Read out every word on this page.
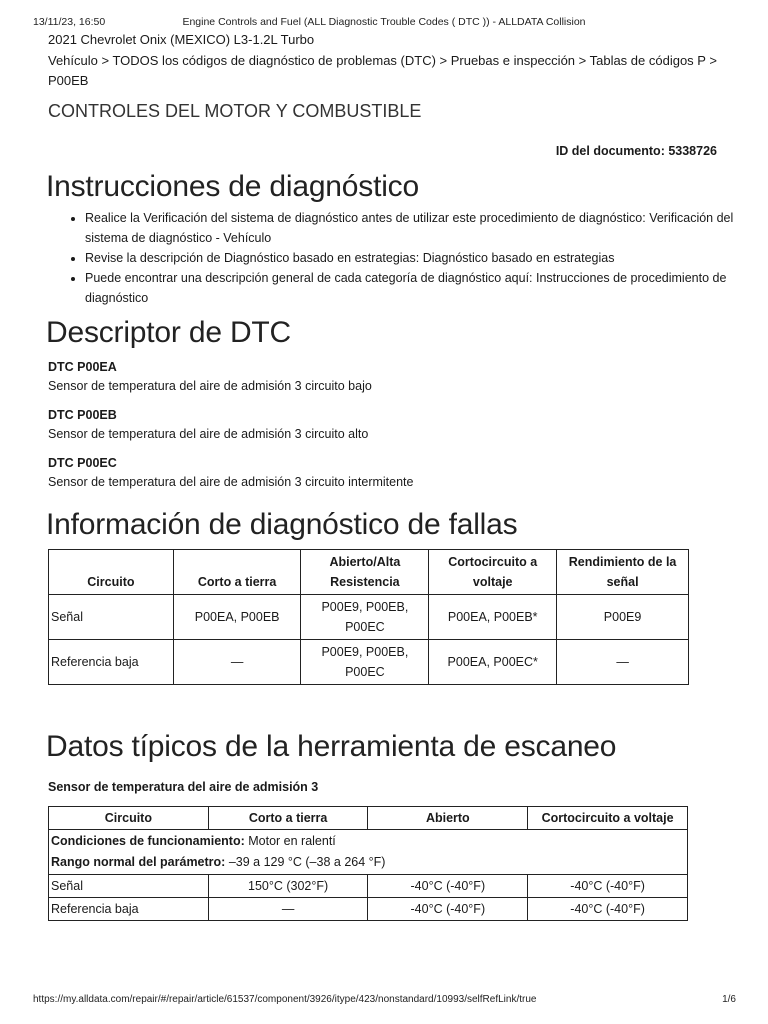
13/11/23, 16:50	Engine Controls and Fuel (ALL Diagnostic Trouble Codes ( DTC )) - ALLDATA Collision
2021 Chevrolet Onix (MEXICO) L3-1.2L Turbo
Vehículo > TODOS los códigos de diagnóstico de problemas (DTC) > Pruebas e inspección > Tablas de códigos P > P00EB
CONTROLES DEL MOTOR Y COMBUSTIBLE
ID del documento: 5338726
Instrucciones de diagnóstico
• Realice la Verificación del sistema de diagnóstico antes de utilizar este procedimiento de diagnóstico: Verificación del sistema de diagnóstico - Vehículo
• Revise la descripción de Diagnóstico basado en estrategias: Diagnóstico basado en estrategias
• Puede encontrar una descripción general de cada categoría de diagnóstico aquí: Instrucciones de procedimiento de diagnóstico
Descriptor de DTC
DTC P00EA
Sensor de temperatura del aire de admisión 3 circuito bajo
DTC P00EB
Sensor de temperatura del aire de admisión 3 circuito alto
DTC P00EC
Sensor de temperatura del aire de admisión 3 circuito intermitente
Información de diagnóstico de fallas
Circuito	Corto a tierra	Abierto/Alta Resistencia	Cortocircuito a voltaje	Rendimiento de la señal
Señal	P00EA, P00EB	P00E9, P00EB, P00EC	P00EA, P00EB*	P00E9
Referencia baja	—	P00E9, P00EB, P00EC	P00EA, P00EC*	—
Datos típicos de la herramienta de escaneo
Sensor de temperatura del aire de admisión 3
Circuito	Corto a tierra	Abierto	Cortocircuito a voltaje

Condiciones de funcionamiento: Motor en ralentí
Rango normal del parámetro: –39 a 129 °C (–38 a 264 °F)			

Señal	150°C (302°F)	-40°C (-40°F)	-40°C (-40°F)
Referencia baja	—	-40°C (-40°F)	-40°C (-40°F)
https://my.alldata.com/repair/#/repair/article/61537/component/3926/itype/423/nonstandard/10993/selfRefLink/true	1/6
